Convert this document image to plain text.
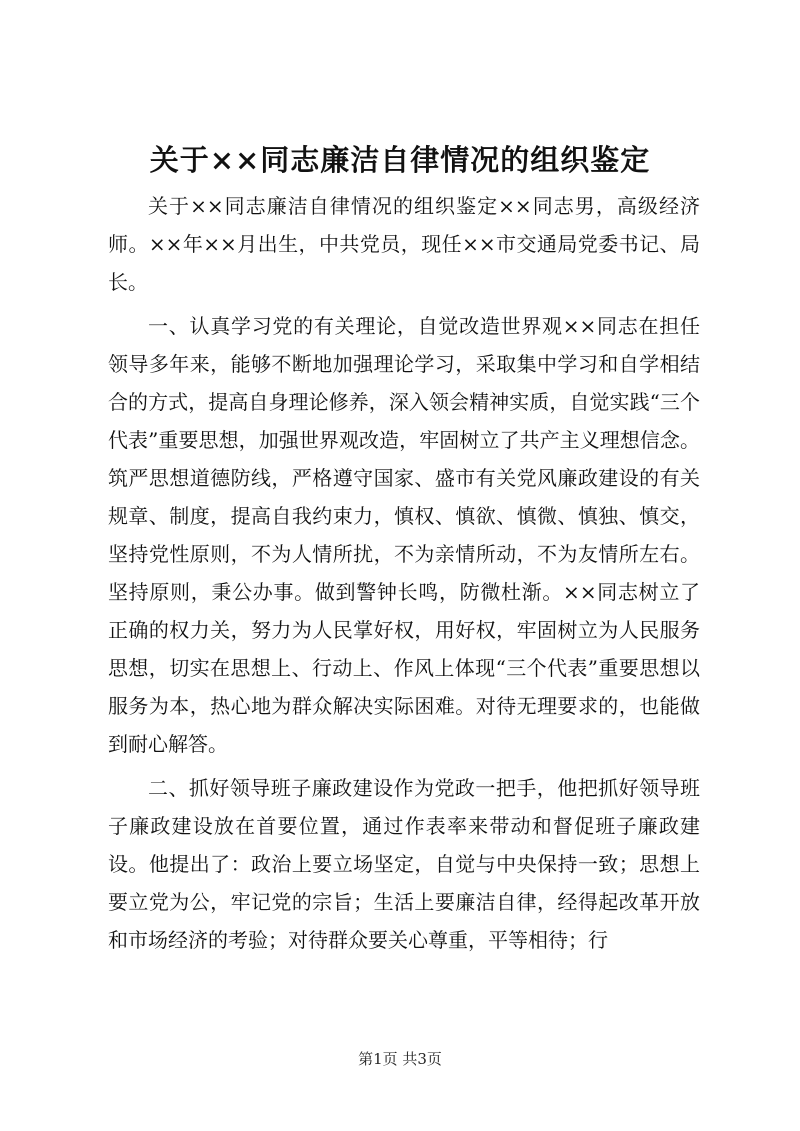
关于××同志廉洁自律情况的组织鉴定

关于××同志廉洁自律情况的组织鉴定××同志男，高级经济师。××年××月出生，中共党员，现任××市交通局党委书记、局长。

一、认真学习党的有关理论，自觉改造世界观××同志在担任领导多年来，能够不断地加强理论学习，采取集中学习和自学相结合的方式，提高自身理论修养，深入领会精神实质，自觉实践“三个代表”重要思想，加强世界观改造，牢固树立了共产主义理想信念。筑严思想道德防线，严格遵守国家、盛市有关党风廉政建设的有关规章、制度，提高自我约束力，慎权、慎欲、慎微、慎独、慎交，坚持党性原则，不为人情所扰，不为亲情所动，不为友情所左右。坚持原则，秉公办事。做到警钟长鸣，防微杜渐。××同志树立了正确的权力关，努力为人民掌好权，用好权，牢固树立为人民服务思想，切实在思想上、行动上、作风上体现“三个代表”重要思想以服务为本，热心地为群众解决实际困难。对待无理要求的，也能做到耐心解答。

二、抓好领导班子廉政建设作为党政一把手，他把抓好领导班子廉政建设放在首要位置，通过作表率来带动和督促班子廉政建设。他提出了：政治上要立场坚定，自觉与中央保持一致；思想上要立党为公，牢记党的宗旨；生活上要廉洁自律，经得起改革开放和市场经济的考验；对待群众要关心尊重，平等相待；行

第1页 共3页
